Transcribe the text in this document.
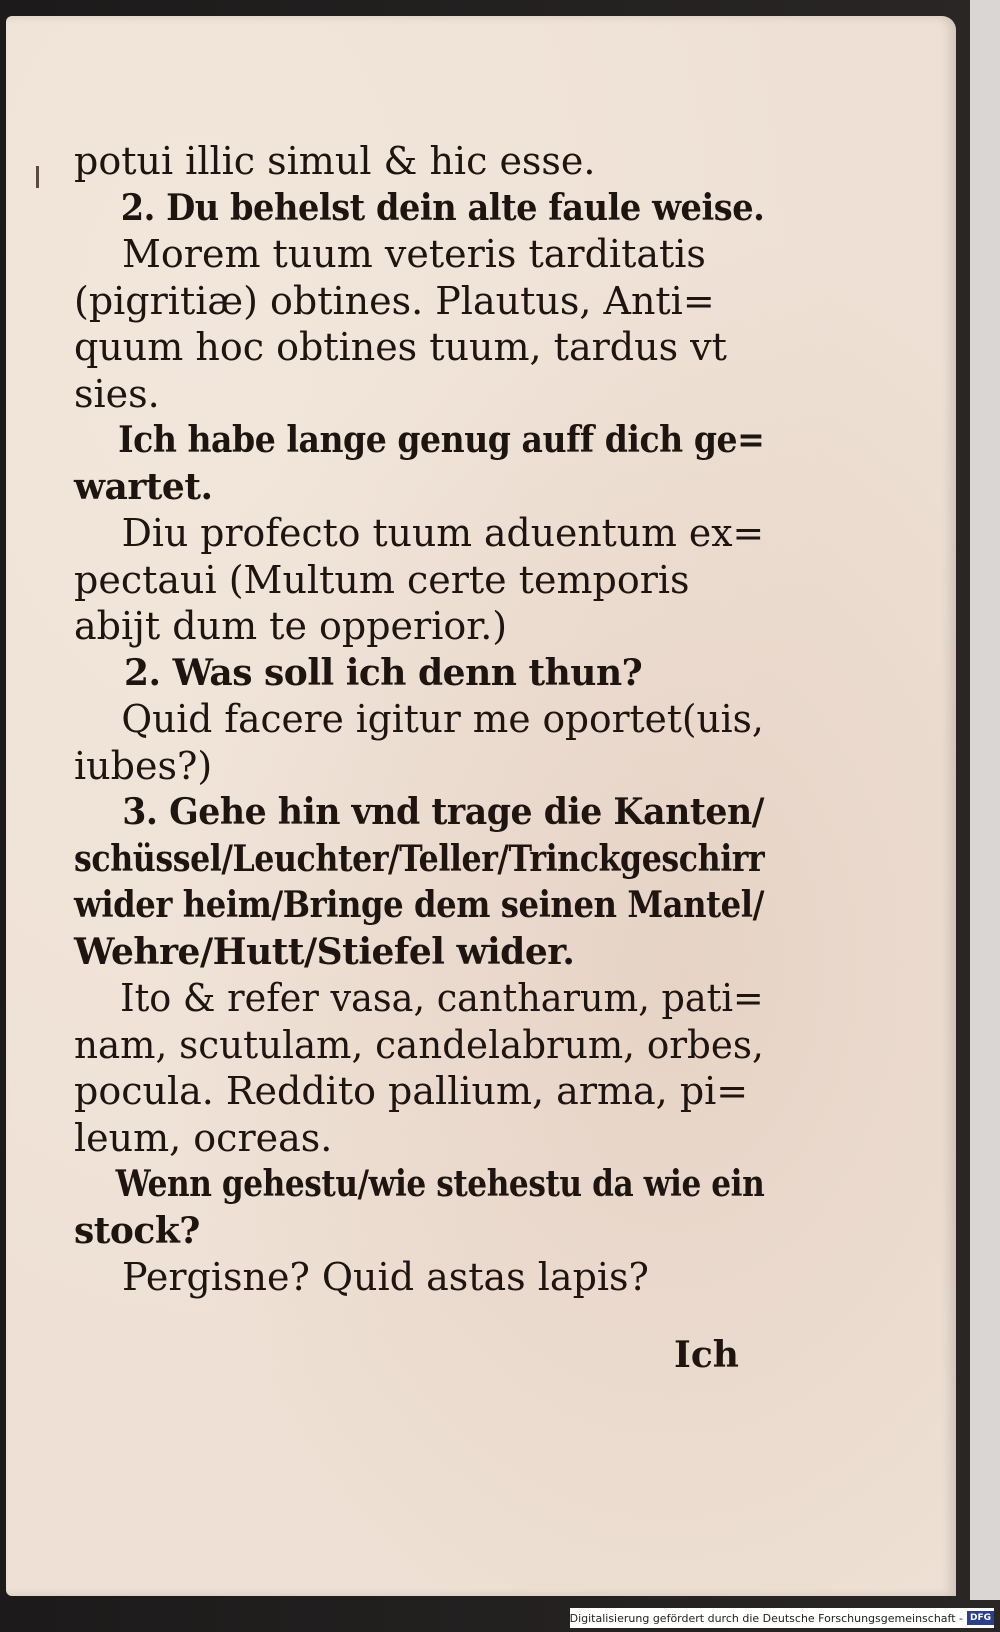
potui illic simul & hic esse.
2. Du behelst dein alte faule weise.
Morem tuum veteris tarditatis
(pigritiæ) obtines. Plautus, Anti=
quum hoc obtines tuum, tardus vt
sies.
Ich habe lange genug auff dich ge=
wartet.
Diu profecto tuum aduentum ex=
pectaui (Multum certe temporis
abijt dum te opperior.)
2. Was soll ich denn thun?
Quid facere igitur me oportet(uis,
iubes?)
3. Gehe hin vnd trage die Kanten/
schüssel/Leuchter/Teller/Trinckgeschirr
wider heim/Bringe dem seinen Mantel/
Wehre/Hutt/Stiefel wider.
Ito & refer vasa, cantharum, pati=
nam, scutulam, candelabrum, orbes,
pocula. Reddito pallium, arma, pi=
leum, ocreas.
Wenn gehestu/wie stehestu da wie ein
stock?
Pergisne? Quid astas lapis?
Ich
Digitalisierung gefördert durch die Deutsche Forschungsgemeinschaft - DFG
